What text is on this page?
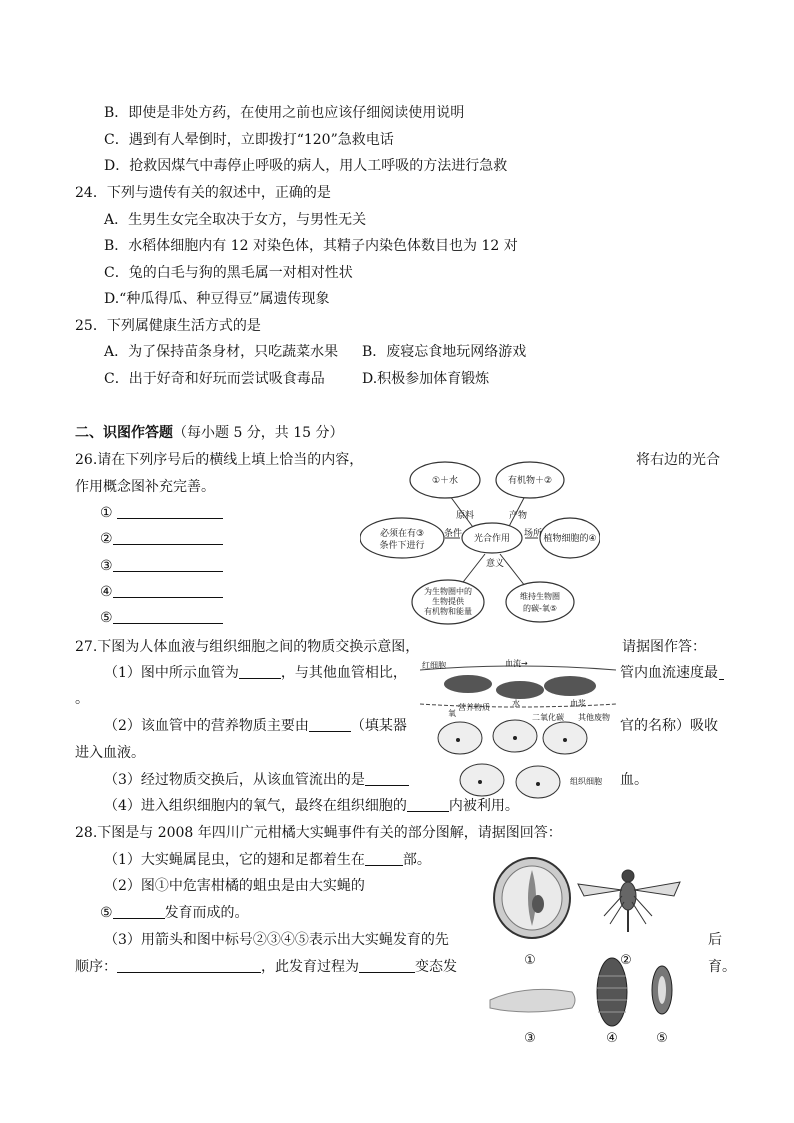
B．即使是非处方药，在使用之前也应该仔细阅读使用说明
C．遇到有人晕倒时，立即拨打“120”急救电话
D．抢救因煤气中毒停止呼吸的病人，用人工呼吸的方法进行急救
24．下列与遗传有关的叙述中，正确的是
A．生男生女完全取决于女方，与男性无关
B．水稻体细胞内有 12 对染色体，其精子内染色体数目也为 12 对
C．兔的白毛与狗的黑毛属一对相对性状
D.“种瓜得瓜、种豆得豆”属遗传现象
25．下列属健康生活方式的是
A．为了保持苗条身材，只吃蔬菜水果 B．废寝忘食地玩网络游戏
C．出于好奇和好玩而尝试吸食毒品	D.积极参加体育锻炼
二、识图作答题（每小题 5 分，共 15 分）
26.请在下列序号后的横线上填上恰当的内容，	将右边的光合
作用概念图补充完善。
①
②
③
④
⑤
①＋水	有机物＋②
必须在有③
条件下进行
光合作用	植物细胞的④
为生物圈中的
生物提供
有机物和能量
维持生物圈
的碳-氧⑤
原料	产物
条件	场所
意义
27.下图为人体血液与组织细胞之间的物质交换示意图，	请据图作答：
（1）图中所示血管为	，与其他血管相比，	管内血流速度最
。
（2）该血管中的营养物质主要由	（填某器	官的名称）吸收
进入血液。
（3）经过物质交换后，从该血管流出的是	血。
（4）进入组织细胞内的氧气，最终在组织细胞的	内被利用。
红细胞	血流→
营养物质	水
氧
血浆
二氧化碳 其他废物
组织细胞
28.下图是与 2008 年四川广元柑橘大实蝇事件有关的部分图解，请据图回答：
（1）大实蝇属昆虫，它的翅和足都着生在	部。
（2）图①中危害柑橘的蛆虫是由大实蝇的
⑤	发育而成的。
（3）用箭头和图中标号②③④⑤表示出大实蝇发育的先	后
顺序：	，此发育过程为	变态发	育。
①	②
③	④	⑤
